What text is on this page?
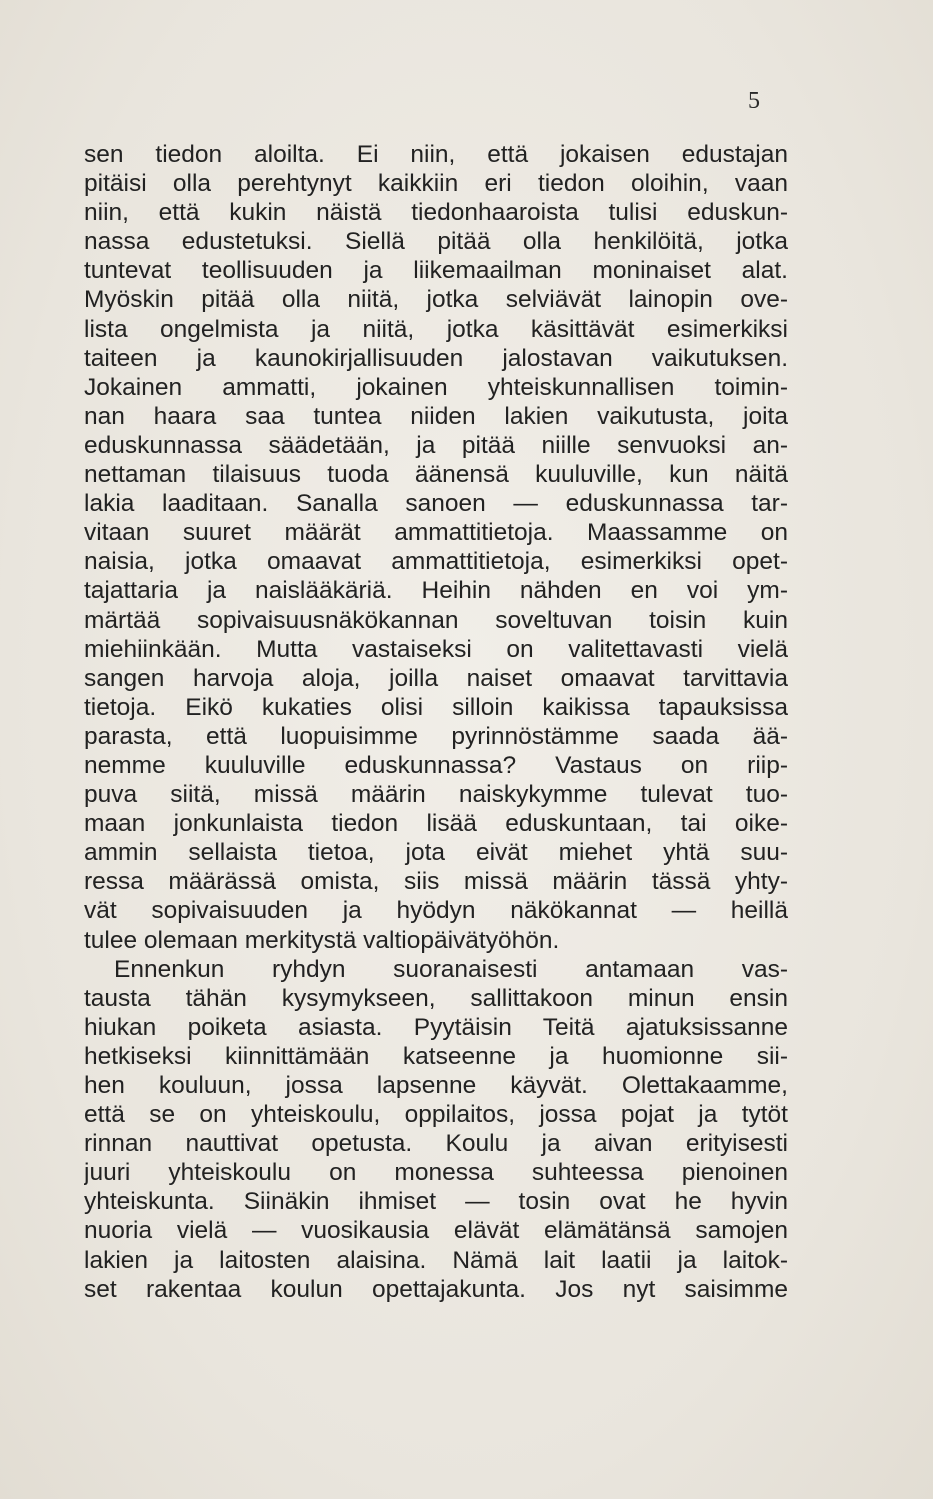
5
sen tiedon aloilta. Ei niin, että jokaisen edustajan
pitäisi olla perehtynyt kaikkiin eri tiedon oloihin, vaan
niin, että kukin näistä tiedonhaaroista tulisi eduskun-
nassa edustetuksi. Siellä pitää olla henkilöitä, jotka
tuntevat teollisuuden ja liikemaailman moninaiset alat.
Myöskin pitää olla niitä, jotka selviävät lainopin ove-
lista ongelmista ja niitä, jotka käsittävät esimerkiksi
taiteen ja kaunokirjallisuuden jalostavan vaikutuksen.
Jokainen ammatti, jokainen yhteiskunnallisen toimin-
nan haara saa tuntea niiden lakien vaikutusta, joita
eduskunnassa säädetään, ja pitää niille senvuoksi an-
nettaman tilaisuus tuoda äänensä kuuluville, kun näitä
lakia laaditaan. Sanalla sanoen — eduskunnassa tar-
vitaan suuret määrät ammattitietoja. Maassamme on
naisia, jotka omaavat ammattitietoja, esimerkiksi opet-
tajattaria ja naislääkäriä. Heihin nähden en voi ym-
märtää sopivaisuusnäkökannan soveltuvan toisin kuin
miehiinkään. Mutta vastaiseksi on valitettavasti vielä
sangen harvoja aloja, joilla naiset omaavat tarvittavia
tietoja. Eikö kukaties olisi silloin kaikissa tapauksissa
parasta, että luopuisimme pyrinnöstämme saada ää-
nemme kuuluville eduskunnassa? Vastaus on riip-
puva siitä, missä määrin naiskykymme tulevat tuo-
maan jonkunlaista tiedon lisää eduskuntaan, tai oike-
ammin sellaista tietoa, jota eivät miehet yhtä suu-
ressa määrässä omista, siis missä määrin tässä yhty-
vät sopivaisuuden ja hyödyn näkökannat — heillä
tulee olemaan merkitystä valtiopäivätyöhön.
Ennenkun ryhdyn suoranaisesti antamaan vas-
tausta tähän kysymykseen, sallittakoon minun ensin
hiukan poiketa asiasta. Pyytäisin Teitä ajatuksissanne
hetkiseksi kiinnittämään katseenne ja huomionne sii-
hen kouluun, jossa lapsenne käyvät. Olettakaamme,
että se on yhteiskoulu, oppilaitos, jossa pojat ja tytöt
rinnan nauttivat opetusta. Koulu ja aivan erityisesti
juuri yhteiskoulu on monessa suhteessa pienoinen
yhteiskunta. Siinäkin ihmiset — tosin ovat he hyvin
nuoria vielä — vuosikausia elävät elämätänsä samojen
lakien ja laitosten alaisina. Nämä lait laatii ja laitok-
set rakentaa koulun opettajakunta. Jos nyt saisimme
